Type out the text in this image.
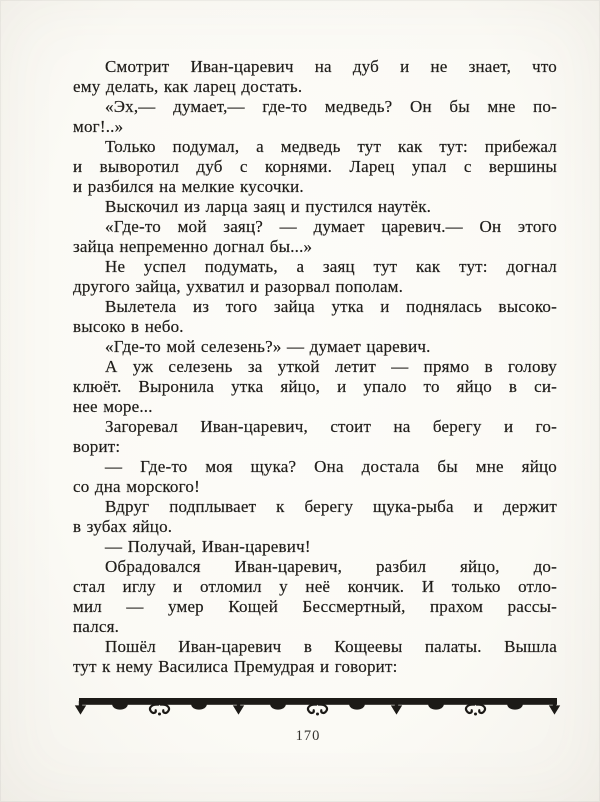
Смотрит Иван-царевич на дуб и не знает, что
ему делать, как ларец достать.
«Эх,— думает,— где-то медведь? Он бы мне по-
мог!..»
Только подумал, а медведь тут как тут: прибежал
и выворотил дуб с корнями. Ларец упал с вершины
и разбился на мелкие кусочки.
Выскочил из ларца заяц и пустился наутёк.
«Где-то мой заяц? — думает царевич.— Он этого
зайца непременно догнал бы...»
Не успел подумать, а заяц тут как тут: догнал
другого зайца, ухватил и разорвал пополам.
Вылетела из того зайца утка и поднялась высоко-
высоко в небо.
«Где-то мой селезень?» — думает царевич.
А уж селезень за уткой летит — прямо в голову
клюёт. Выронила утка яйцо, и упало то яйцо в си-
нее море...
Загоревал Иван-царевич, стоит на берегу и го-
ворит:
— Где-то моя щука? Она достала бы мне яйцо
со дна морского!
Вдруг подплывает к берегу щука-рыба и держит
в зубах яйцо.
— Получай, Иван-царевич!
Обрадовался Иван-царевич, разбил яйцо, до-
стал иглу и отломил у неё кончик. И только отло-
мил — умер Кощей Бессмертный, прахом рассы-
пался.
Пошёл Иван-царевич в Кощеевы палаты. Вышла
тут к нему Василиса Премудрая и говорит:
170
